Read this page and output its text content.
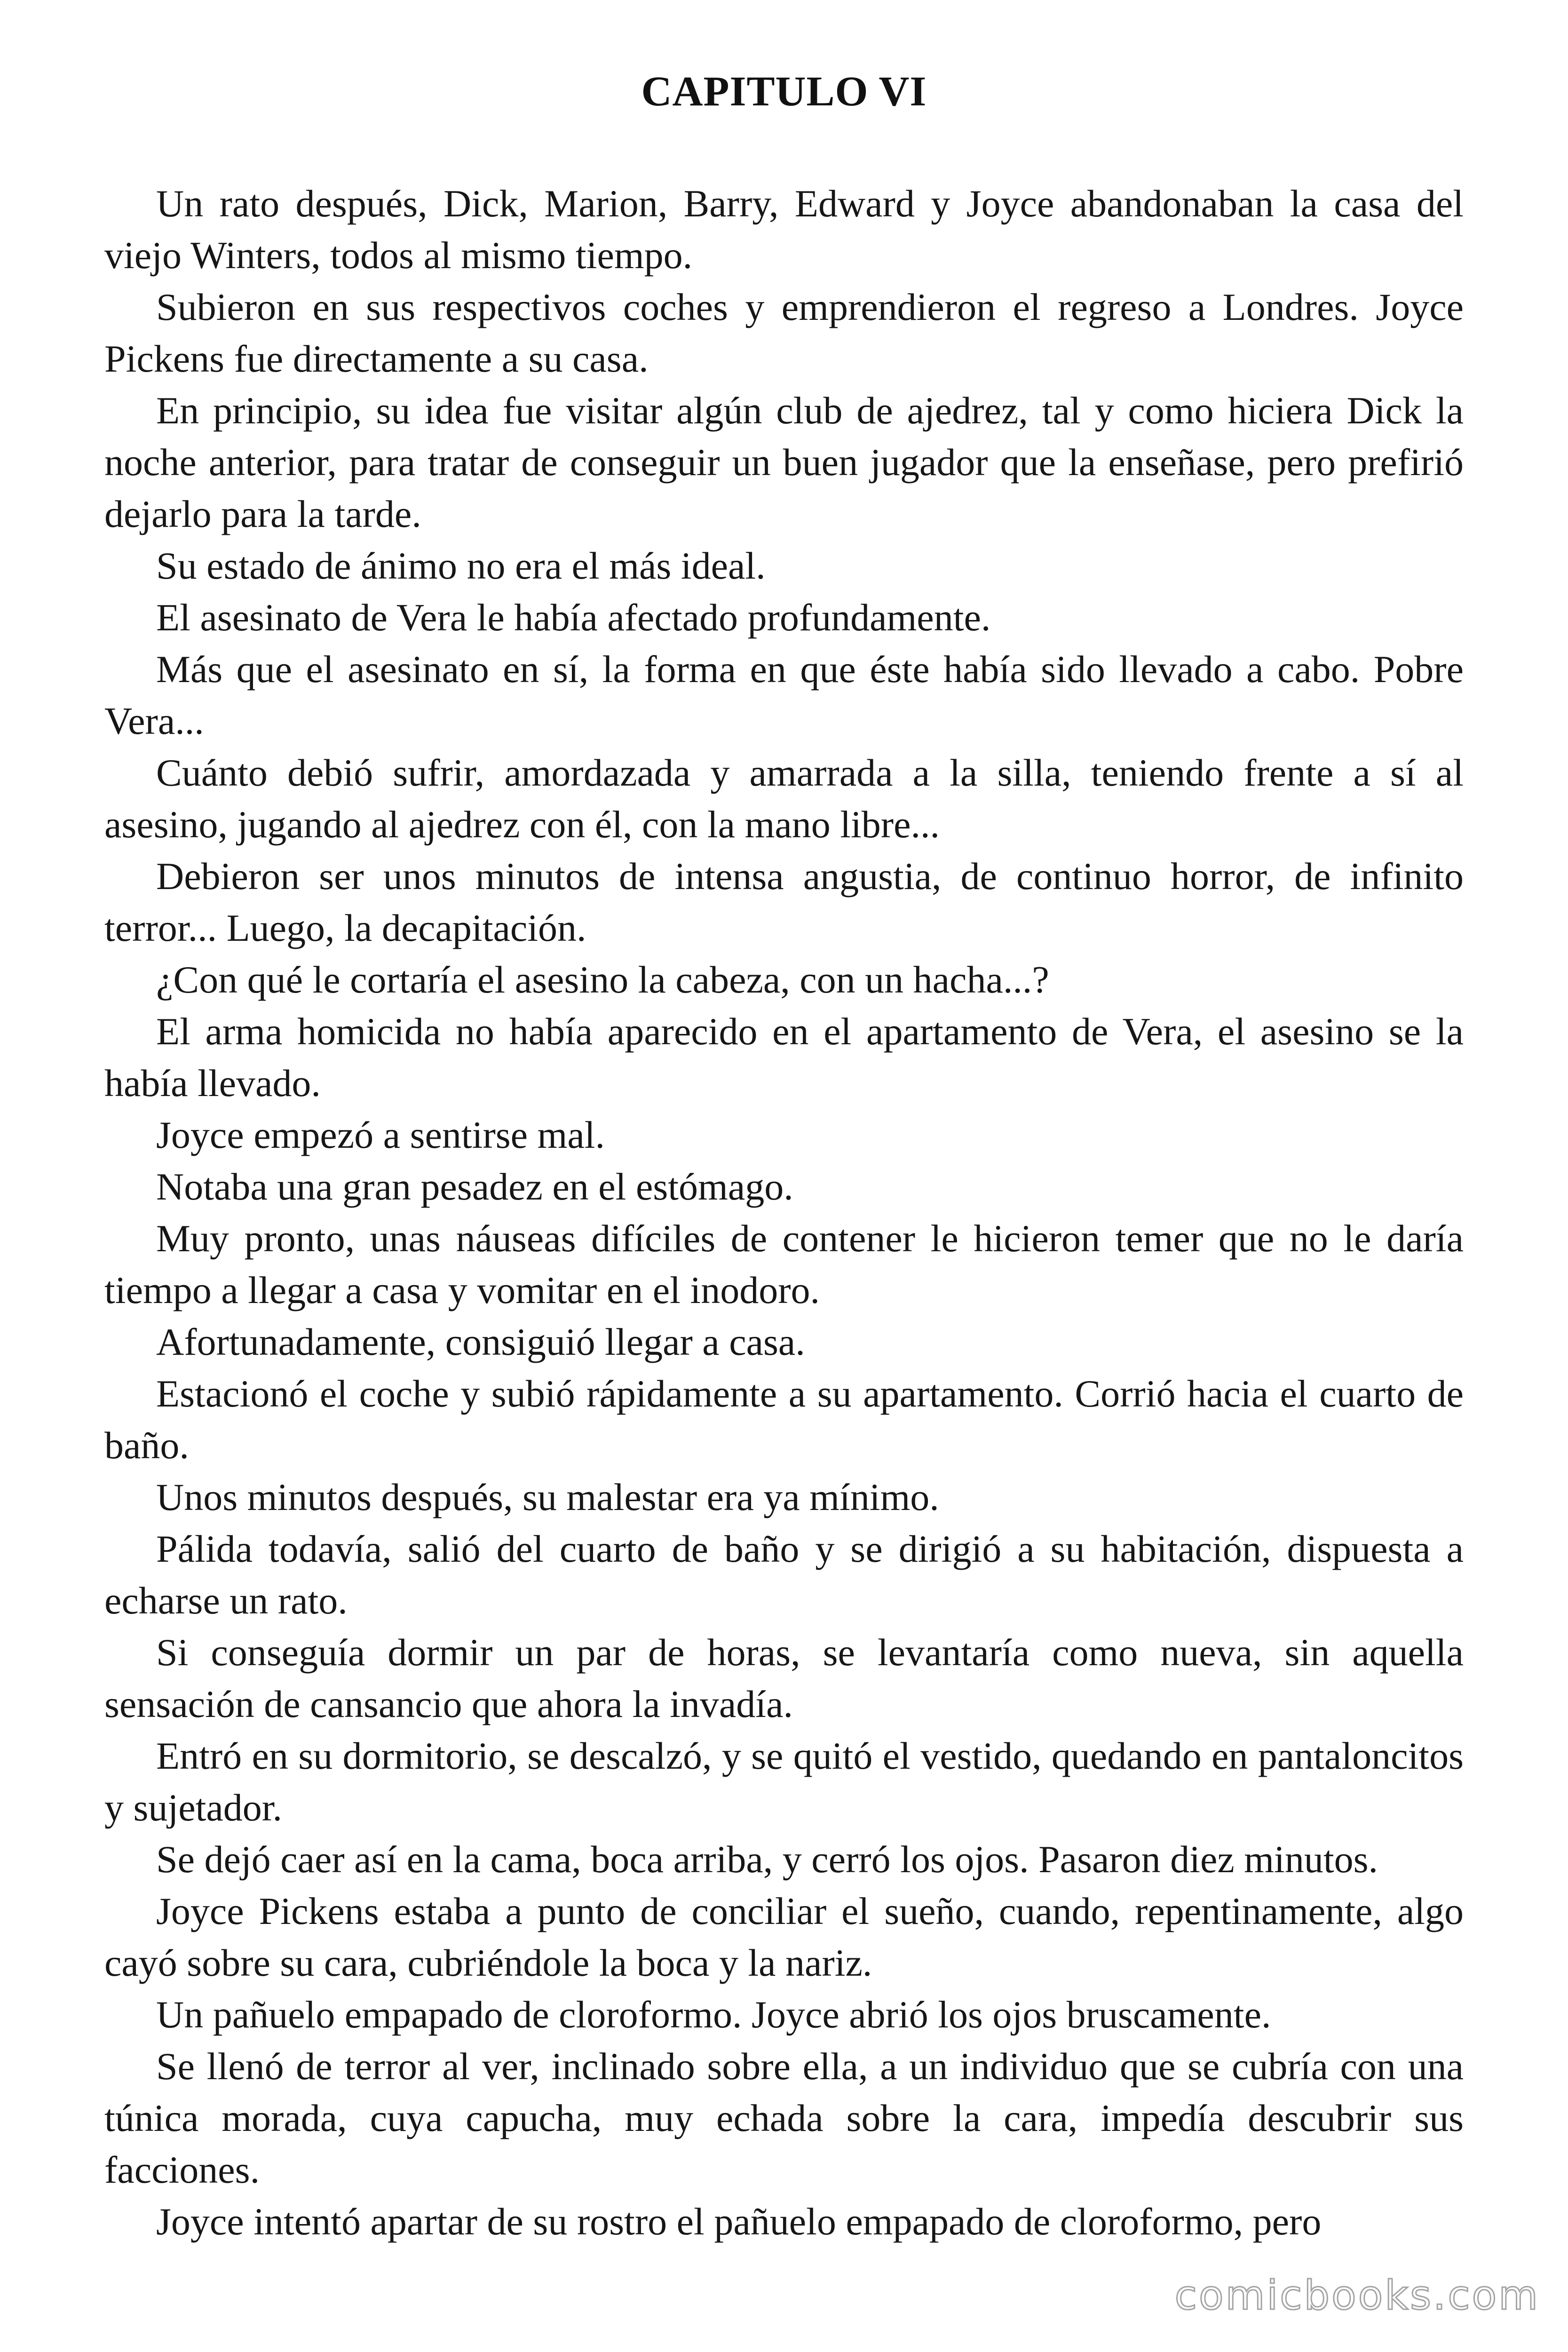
CAPITULO VI

Un rato después, Dick, Marion, Barry, Edward y Joyce abandonaban la casa del viejo Winters, todos al mismo tiempo.

Subieron en sus respectivos coches y emprendieron el regreso a Londres. Joyce Pickens fue directamente a su casa.

En principio, su idea fue visitar algún club de ajedrez, tal y como hiciera Dick la noche anterior, para tratar de conseguir un buen jugador que la enseñase, pero prefirió dejarlo para la tarde.

Su estado de ánimo no era el más ideal.

El asesinato de Vera le había afectado profundamente.

Más que el asesinato en sí, la forma en que éste había sido llevado a cabo. Pobre Vera...

Cuánto debió sufrir, amordazada y amarrada a la silla, teniendo frente a sí al asesino, jugando al ajedrez con él, con la mano libre...

Debieron ser unos minutos de intensa angustia, de continuo horror, de infinito terror... Luego, la decapitación.

¿Con qué le cortaría el asesino la cabeza, con un hacha...?

El arma homicida no había aparecido en el apartamento de Vera, el asesino se la había llevado.

Joyce empezó a sentirse mal.

Notaba una gran pesadez en el estómago.

Muy pronto, unas náuseas difíciles de contener le hicieron temer que no le daría tiempo a llegar a casa y vomitar en el inodoro.

Afortunadamente, consiguió llegar a casa.

Estacionó el coche y subió rápidamente a su apartamento. Corrió hacia el cuarto de baño.

Unos minutos después, su malestar era ya mínimo.

Pálida todavía, salió del cuarto de baño y se dirigió a su habitación, dispuesta a echarse un rato.

Si conseguía dormir un par de horas, se levantaría como nueva, sin aquella sensación de cansancio que ahora la invadía.

Entró en su dormitorio, se descalzó, y se quitó el vestido, quedando en pantaloncitos y sujetador.

Se dejó caer así en la cama, boca arriba, y cerró los ojos. Pasaron diez minutos.

Joyce Pickens estaba a punto de conciliar el sueño, cuando, repentinamente, algo cayó sobre su cara, cubriéndole la boca y la nariz.

Un pañuelo empapado de cloroformo. Joyce abrió los ojos bruscamente.

Se llenó de terror al ver, inclinado sobre ella, a un individuo que se cubría con una túnica morada, cuya capucha, muy echada sobre la cara, impedía descubrir sus facciones.

Joyce intentó apartar de su rostro el pañuelo empapado de cloroformo, pero

comicbooks.com
